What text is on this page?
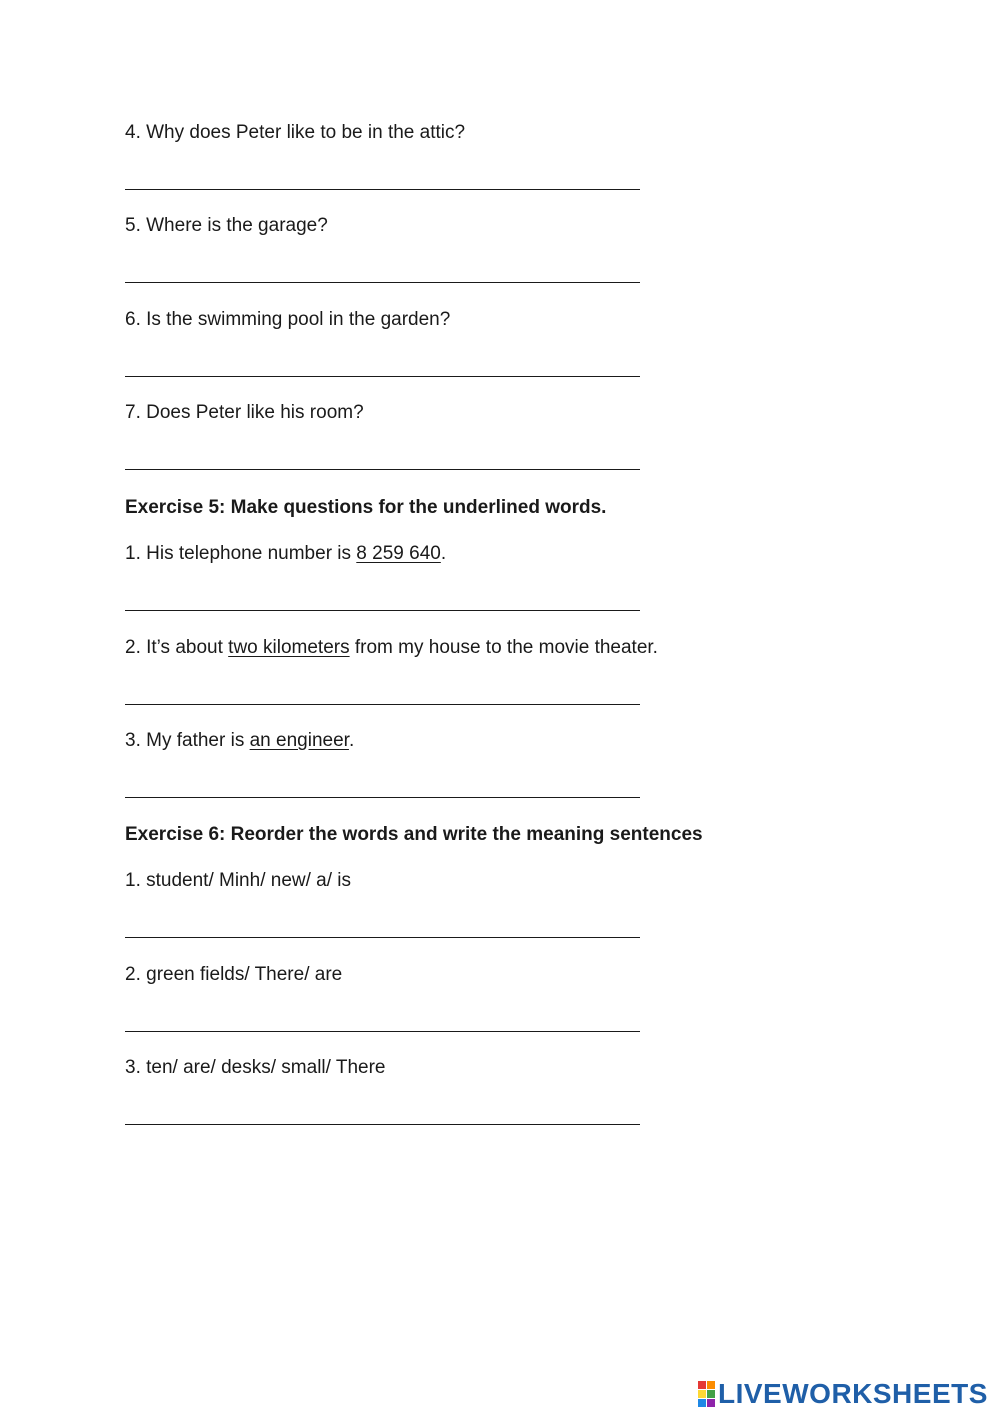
4. Why does Peter like to be in the attic?
5. Where is the garage?
6. Is the swimming pool in the garden?
7. Does Peter like his room?
Exercise 5: Make questions for the underlined words.
1. His telephone number is 8 259 640.
2. It’s about two kilometers from my house to the movie theater.
3. My father is an engineer.
Exercise 6: Reorder the words and write the meaning sentences
1. student/ Minh/ new/ a/ is
2. green fields/ There/ are
3. ten/ are/ desks/ small/ There
LIVEWORKSHEETS
